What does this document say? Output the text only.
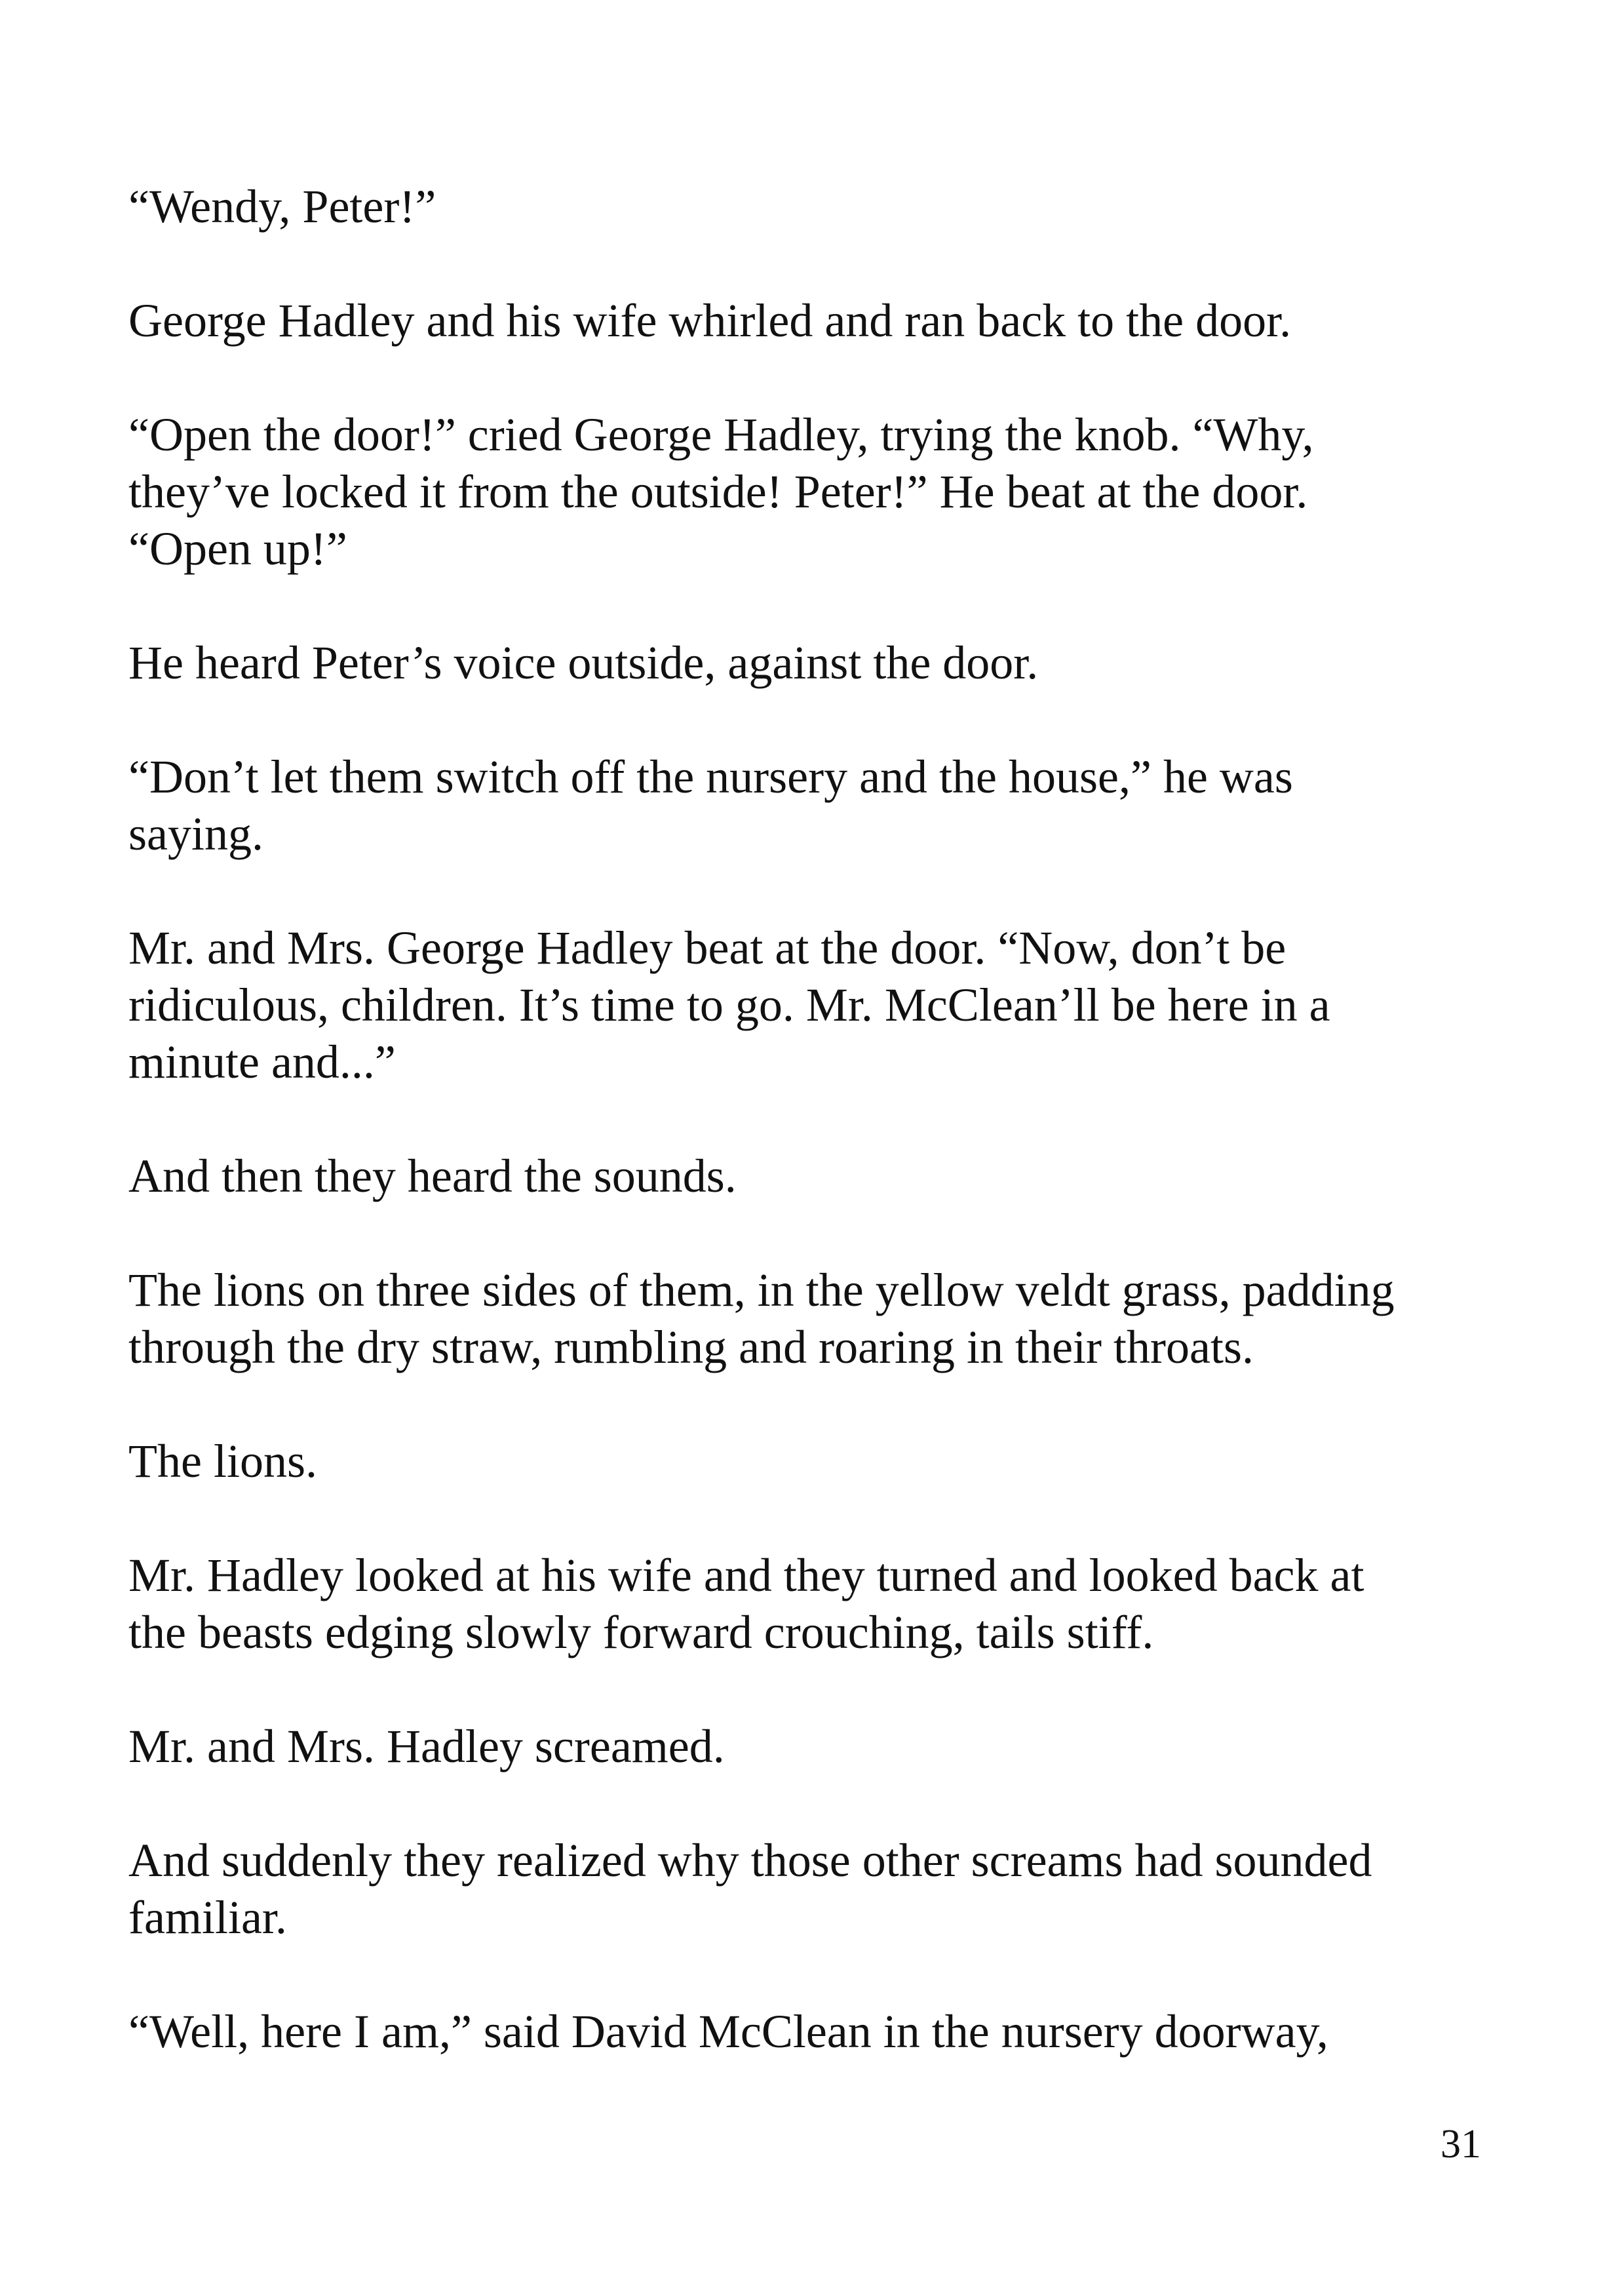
“Wendy, Peter!”

George Hadley and his wife whirled and ran back to the door.

“Open the door!” cried George Hadley, trying the knob. “Why,
they’ve locked it from the outside! Peter!” He beat at the door.
“Open up!”

He heard Peter’s voice outside, against the door.

“Don’t let them switch off the nursery and the house,” he was
saying.

Mr. and Mrs. George Hadley beat at the door. “Now, don’t be
ridiculous, children. It’s time to go. Mr. McClean’ll be here in a
minute and...”

And then they heard the sounds.

The lions on three sides of them, in the yellow veldt grass, padding
through the dry straw, rumbling and roaring in their throats.

The lions.

Mr. Hadley looked at his wife and they turned and looked back at
the beasts edging slowly forward crouching, tails stiff.

Mr. and Mrs. Hadley screamed.

And suddenly they realized why those other screams had sounded
familiar.

“Well, here I am,” said David McClean in the nursery doorway,

31
